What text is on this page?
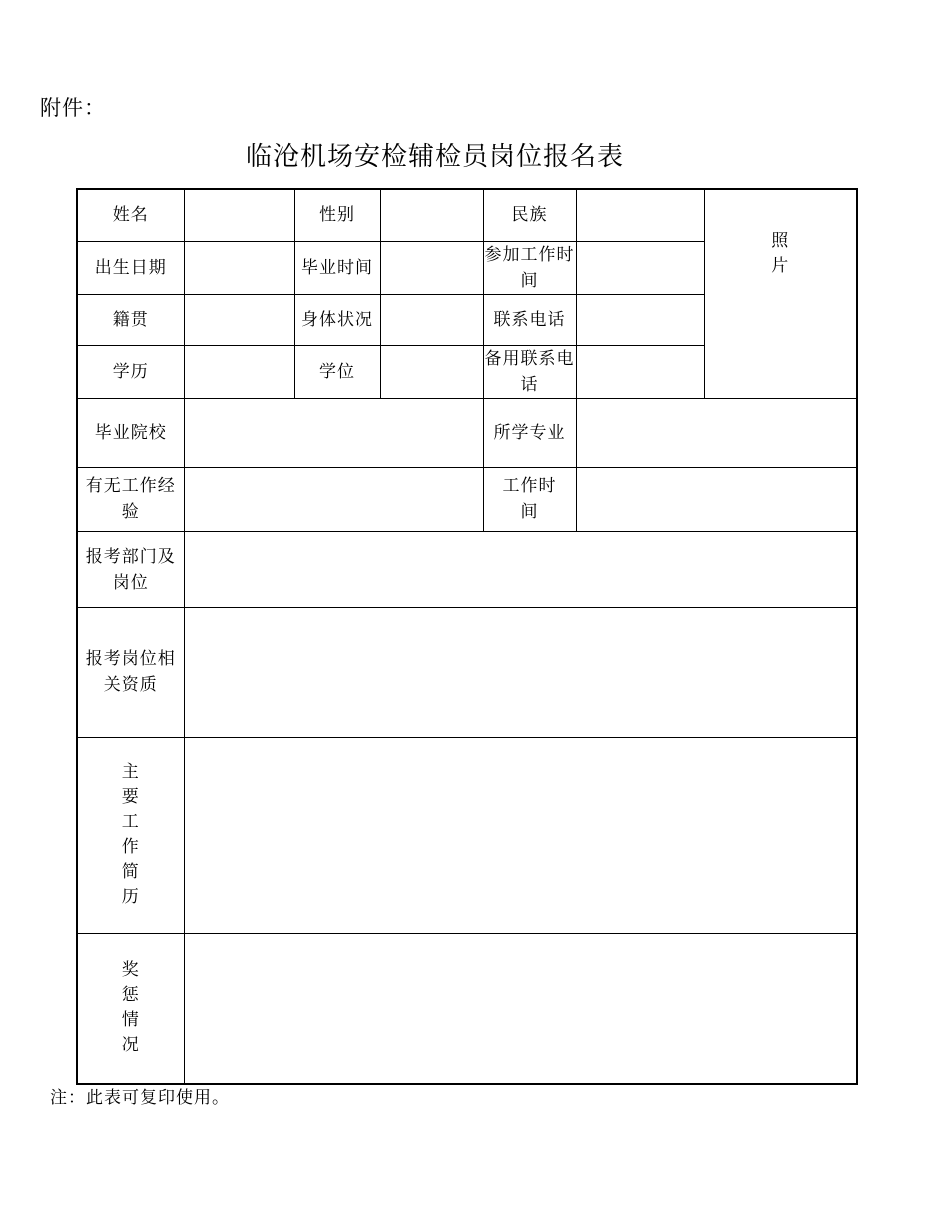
附件：
临沧机场安检辅检员岗位报名表
姓名		性别		民族		照片
出生日期		毕业时间		参加工作时间		
籍贯		身体状况		联系电话		
学历		学位		备用联系电话		
毕业院校				所学专业		
有无工作经验				工作时间		
报考部门及岗位						
报考岗位相关资质						
主要工作简历						
奖惩情况						
注：此表可复印使用。
